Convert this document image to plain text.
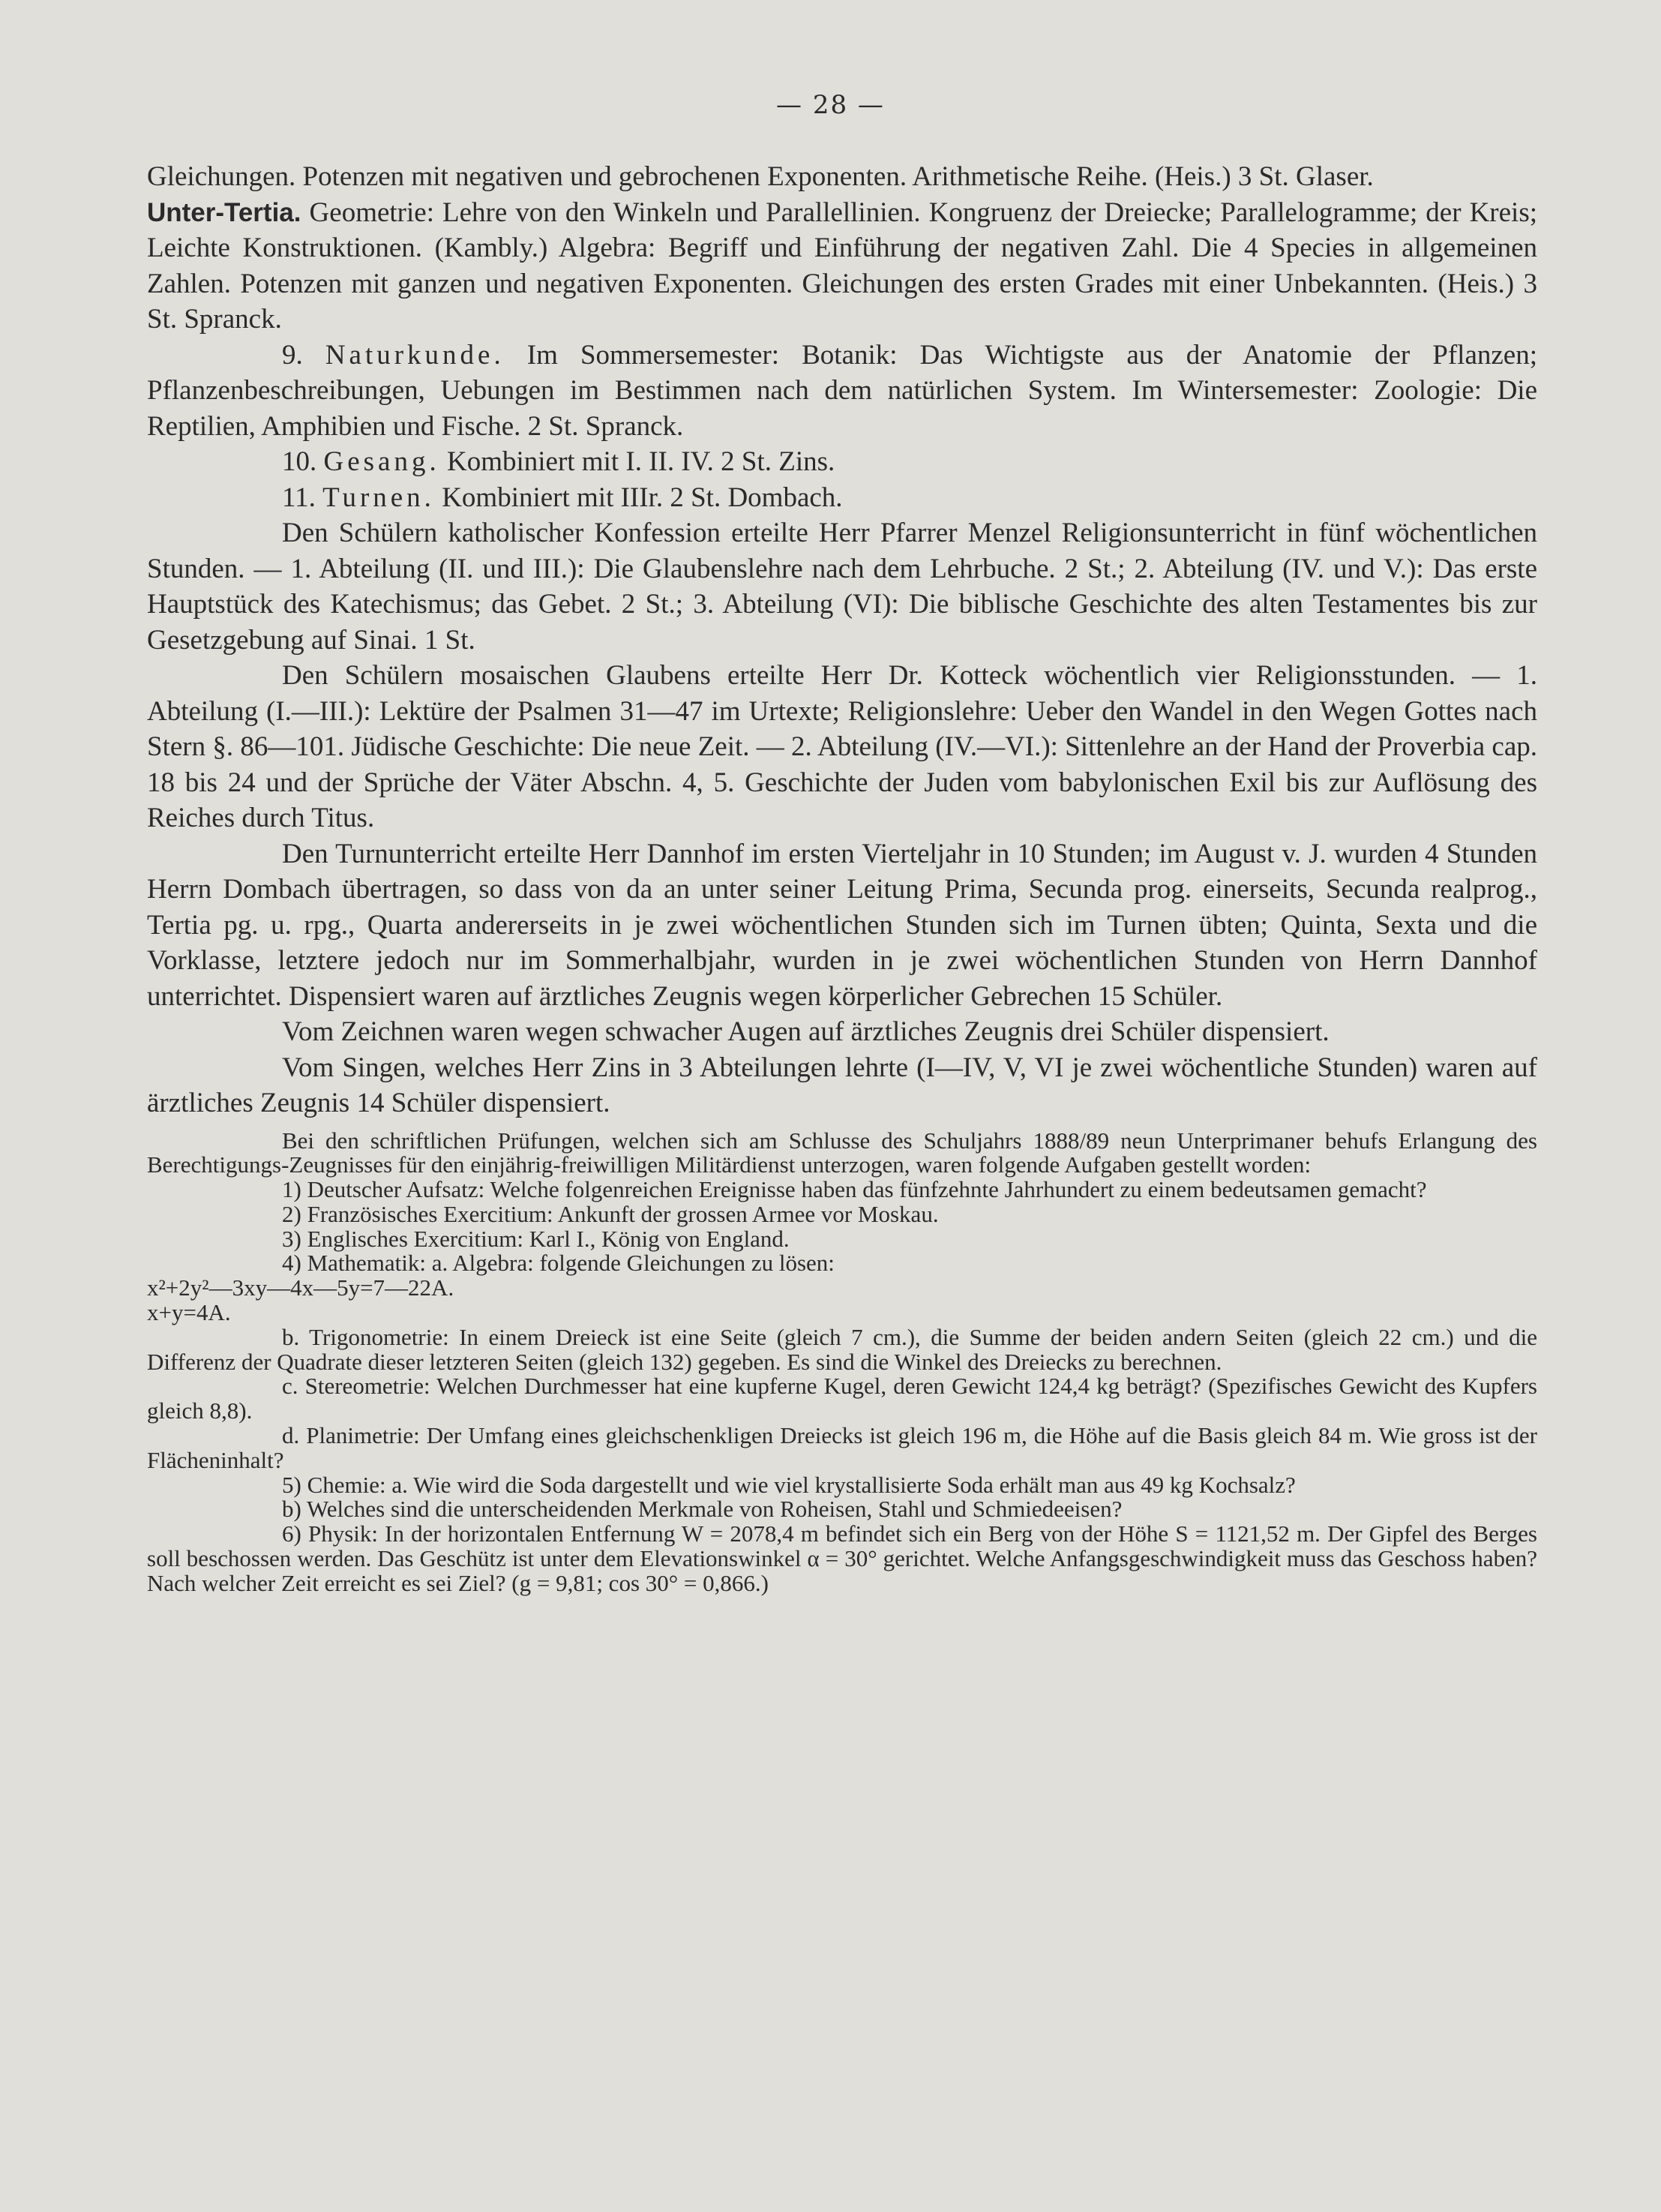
— 28 —

Gleichungen. Potenzen mit negativen und gebrochenen Exponenten. Arithmetische Reihe. (Heis.) 3 St. Glaser.

Unter-Tertia. Geometrie: Lehre von den Winkeln und Parallellinien. Kongruenz der Dreiecke; Parallelogramme; der Kreis; Leichte Konstruktionen. (Kambly.) Algebra: Begriff und Einführung der negativen Zahl. Die 4 Species in allgemeinen Zahlen. Potenzen mit ganzen und negativen Exponenten. Gleichungen des ersten Grades mit einer Unbekannten. (Heis.) 3 St. Spranck.

9. Naturkunde. Im Sommersemester: Botanik: Das Wichtigste aus der Anatomie der Pflanzen; Pflanzenbeschreibungen, Uebungen im Bestimmen nach dem natürlichen System. Im Wintersemester: Zoologie: Die Reptilien, Amphibien und Fische. 2 St. Spranck.

10. Gesang. Kombiniert mit I. II. IV. 2 St. Zins.

11. Turnen. Kombiniert mit IIIr. 2 St. Dombach.

Den Schülern katholischer Konfession erteilte Herr Pfarrer Menzel Religionsunterricht in fünf wöchentlichen Stunden. — 1. Abteilung (II. und III.): Die Glaubenslehre nach dem Lehrbuche. 2 St.; 2. Abteilung (IV. und V.): Das erste Hauptstück des Katechismus; das Gebet. 2 St.; 3. Abteilung (VI): Die biblische Geschichte des alten Testamentes bis zur Gesetzgebung auf Sinai. 1 St.

Den Schülern mosaischen Glaubens erteilte Herr Dr. Kotteck wöchentlich vier Religionsstunden. — 1. Abteilung (I.—III.): Lektüre der Psalmen 31—47 im Urtexte; Religionslehre: Ueber den Wandel in den Wegen Gottes nach Stern §. 86—101. Jüdische Geschichte: Die neue Zeit. — 2. Abteilung (IV.—VI.): Sittenlehre an der Hand der Proverbia cap. 18 bis 24 und der Sprüche der Väter Abschn. 4, 5. Geschichte der Juden vom babylonischen Exil bis zur Auflösung des Reiches durch Titus.

Den Turnunterricht erteilte Herr Dannhof im ersten Vierteljahr in 10 Stunden; im August v. J. wurden 4 Stunden Herrn Dombach übertragen, so dass von da an unter seiner Leitung Prima, Secunda prog. einerseits, Secunda realprog., Tertia pg. u. rpg., Quarta andererseits in je zwei wöchentlichen Stunden sich im Turnen übten; Quinta, Sexta und die Vorklasse, letztere jedoch nur im Sommerhalbjahr, wurden in je zwei wöchentlichen Stunden von Herrn Dannhof unterrichtet. Dispensiert waren auf ärztliches Zeugnis wegen körperlicher Gebrechen 15 Schüler.

Vom Zeichnen waren wegen schwacher Augen auf ärztliches Zeugnis drei Schüler dispensiert.

Vom Singen, welches Herr Zins in 3 Abteilungen lehrte (I—IV, V, VI je zwei wöchentliche Stunden) waren auf ärztliches Zeugnis 14 Schüler dispensiert.

Bei den schriftlichen Prüfungen, welchen sich am Schlusse des Schuljahrs 1888/89 neun Unterprimaner behufs Erlangung des Berechtigungs-Zeugnisses für den einjährig-freiwilligen Militärdienst unterzogen, waren folgende Aufgaben gestellt worden:

1) Deutscher Aufsatz: Welche folgenreichen Ereignisse haben das fünfzehnte Jahrhundert zu einem bedeutsamen gemacht?

2) Französisches Exercitium: Ankunft der grossen Armee vor Moskau.

3) Englisches Exercitium: Karl I., König von England.

4) Mathematik: a. Algebra: folgende Gleichungen zu lösen:

x²+2y²—3xy—4x—5y=7—22A.

x+y=4A.

b. Trigonometrie: In einem Dreieck ist eine Seite (gleich 7 cm.), die Summe der beiden andern Seiten (gleich 22 cm.) und die Differenz der Quadrate dieser letzteren Seiten (gleich 132) gegeben. Es sind die Winkel des Dreiecks zu berechnen.

c. Stereometrie: Welchen Durchmesser hat eine kupferne Kugel, deren Gewicht 124,4 kg beträgt? (Spezifisches Gewicht des Kupfers gleich 8,8).

d. Planimetrie: Der Umfang eines gleichschenkligen Dreiecks ist gleich 196 m, die Höhe auf die Basis gleich 84 m. Wie gross ist der Flächeninhalt?

5) Chemie: a. Wie wird die Soda dargestellt und wie viel krystallisierte Soda erhält man aus 49 kg Kochsalz?

b) Welches sind die unterscheidenden Merkmale von Roheisen, Stahl und Schmiedeeisen?

6) Physik: In der horizontalen Entfernung W = 2078,4 m befindet sich ein Berg von der Höhe S = 1121,52 m. Der Gipfel des Berges soll beschossen werden. Das Geschütz ist unter dem Elevationswinkel α = 30° gerichtet. Welche Anfangsgeschwindigkeit muss das Geschoss haben? Nach welcher Zeit erreicht es sei Ziel? (g = 9,81; cos 30° = 0,866.)
